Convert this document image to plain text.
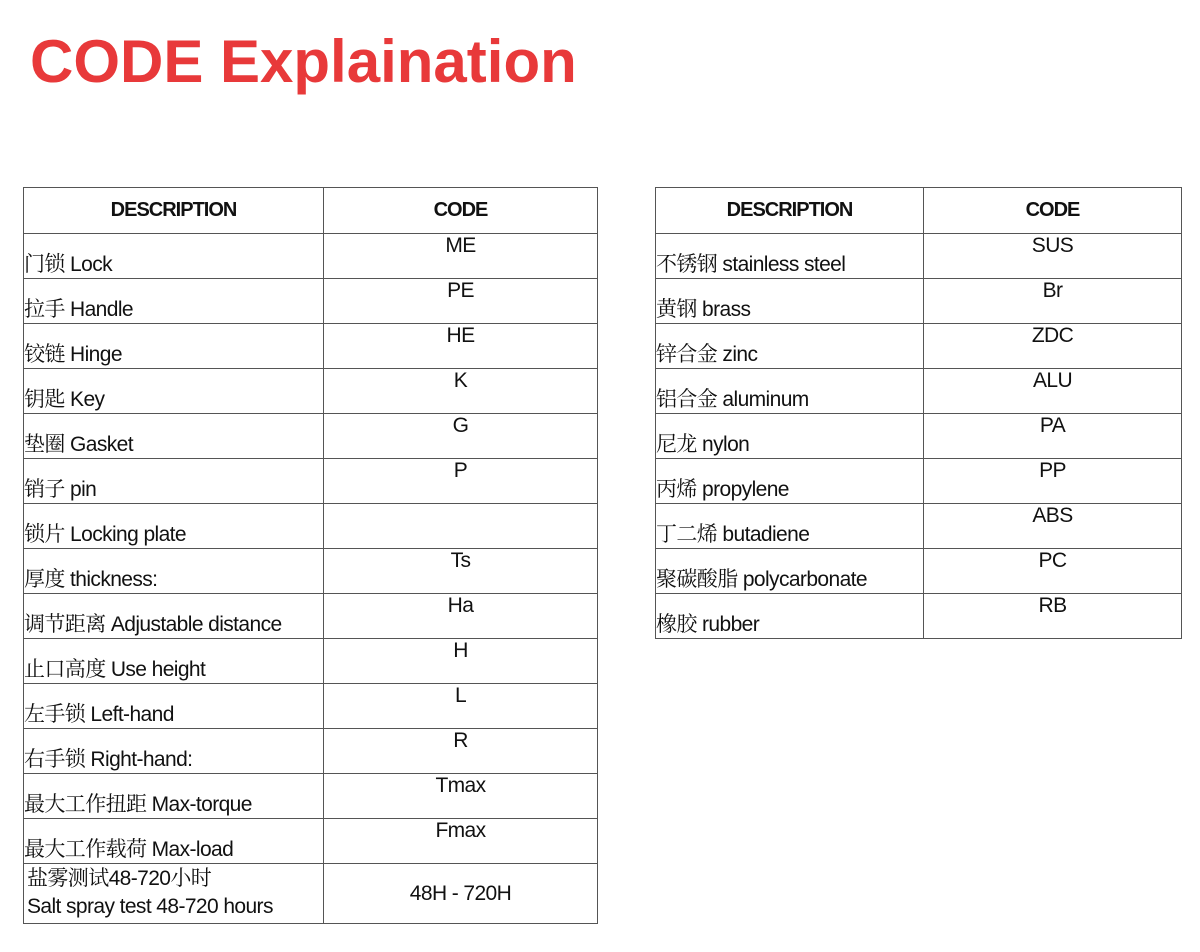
CODE Explaination
DESCRIPTION	CODE
门锁 Lock	ME
拉手 Handle	PE
铰链 Hinge	HE
钥匙 Key	K
垫圈 Gasket	G
销子 pin	P
锁片 Locking plate	
厚度 thickness:	Ts
调节距离 Adjustable distance	Ha
止口高度 Use height	H
左手锁 Left-hand	L
右手锁 Right-hand:	R
最大工作扭距 Max-torque	Tmax
最大工作载荷 Max-load	Fmax

盐雾测试48-720小时
Salt spray test 48-720 hours	48H - 720H
DESCRIPTION	CODE
不锈钢 stainless steel	SUS
黄钢 brass	Br
锌合金 zinc	ZDC
铝合金 aluminum	ALU
尼龙 nylon	PA
丙烯 propylene	PP
丁二烯 butadiene	ABS
聚碳酸脂 polycarbonate	PC
橡胶 rubber	RB
